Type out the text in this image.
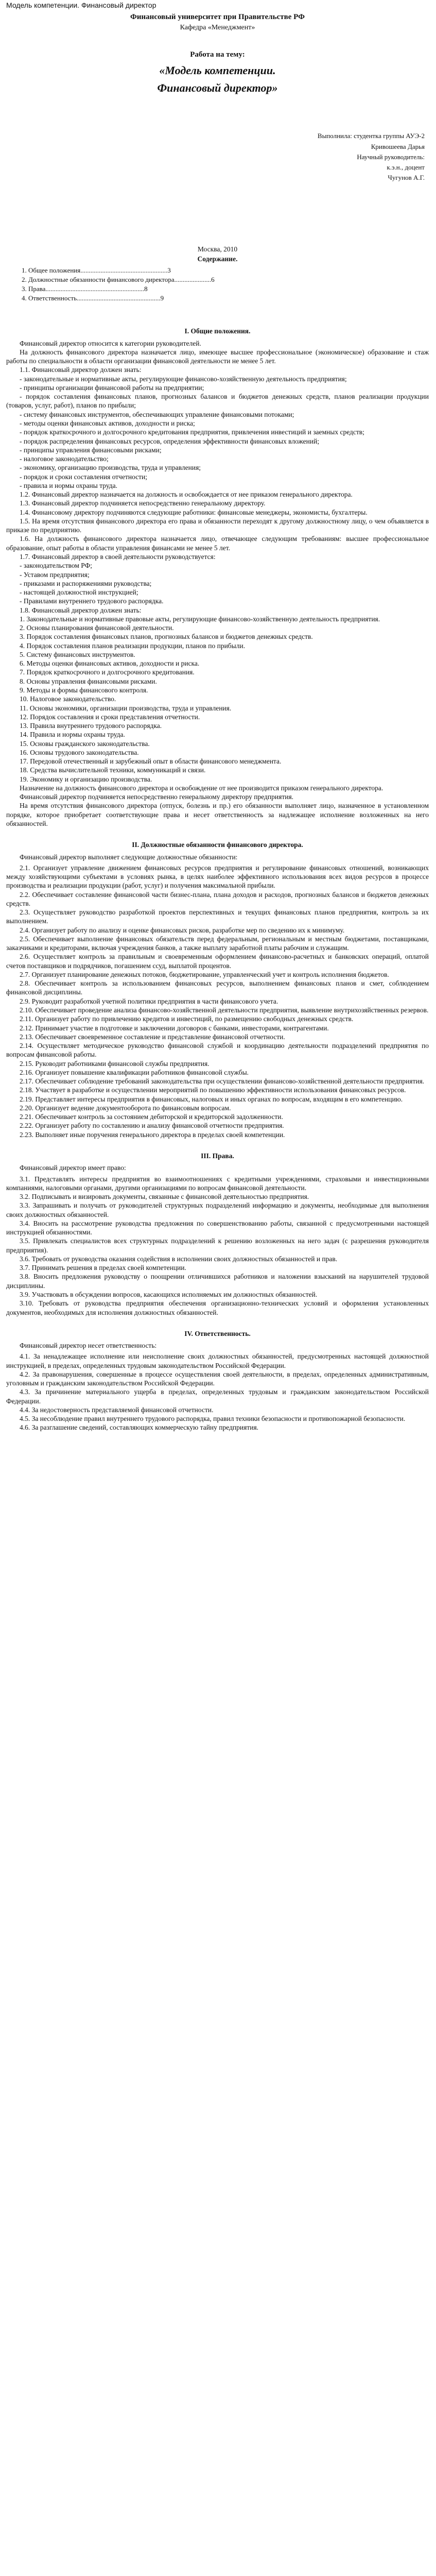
Модель компетенции. Финансовый директор
Финансовый университет при Правительстве РФ
Кафедра «Менеджмент»
Работа на тему:
«Модель компетенции.
Финансовый директор»
Выполнила: студентка группы АУЭ-2
Кривошеева Дарья
Научный руководитель:
к.э.н., доцент
Чугунов А.Г.
Москва, 2010
Содержание.
1. Общее положения....................................................3
2. Должностные обязанности финансового директора......................6
3. Права...........................................................8
4. Ответственность..................................................9
I. Общие положения.

Финансовый директор относится к категории руководителей.

На должность финансового директора назначается лицо, имеющее высшее профессиональное (экономическое) образование и стаж работы по специальности в области организации финансовой деятельности не менее 5 лет.

1.1. Финансовый директор должен знать:

- законодательные и нормативные акты, регулирующие финансово-хозяйственную деятельность предприятия;

- принципы организации финансовой работы на предприятии;

- порядок составления финансовых планов, прогнозных балансов и бюджетов денежных средств, планов реализации продукции (товаров, услуг, работ), планов по прибыли;

- систему финансовых инструментов, обеспечивающих управление финансовыми потоками;

- методы оценки финансовых активов, доходности и риска;

- порядок краткосрочного и долгосрочного кредитования предприятия, привлечения инвестиций и заемных средств;

- порядок распределения финансовых ресурсов, определения эффективности финансовых вложений;

- принципы управления финансовыми рисками;

- налоговое законодательство;

- экономику, организацию производства, труда и управления;

- порядок и сроки составления отчетности;

- правила и нормы охраны труда.

1.2. Финансовый директор назначается на должность и освобождается от нее приказом генерального директора.

1.3. Финансовый директор подчиняется непосредственно генеральному директору.

1.4. Финансовому директору подчиняются следующие работники: финансовые менеджеры, экономисты, бухгалтеры.

1.5. На время отсутствия финансового директора его права и обязанности переходят к другому должностному лицу, о чем объявляется в приказе по предприятию.

1.6. На должность финансового директора назначается лицо, отвечающее следующим требованиям: высшее профессиональное образование, опыт работы в области управления финансами не менее 5 лет.

1.7. Финансовый директор в своей деятельности руководствуется:

- законодательством РФ;

- Уставом предприятия;

- приказами и распоряжениями руководства;

- настоящей должностной инструкцией;

- Правилами внутреннего трудового распорядка.

1.8. Финансовый директор должен знать:

1. Законодательные и нормативные правовые акты, регулирующие финансово-хозяйственную деятельность предприятия.

2. Основы планирования финансовой деятельности.

3. Порядок составления финансовых планов, прогнозных балансов и бюджетов денежных средств.

4. Порядок составления планов реализации продукции, планов по прибыли.

5. Систему финансовых инструментов.

6. Методы оценки финансовых активов, доходности и риска.

7. Порядок краткосрочного и долгосрочного кредитования.

8. Основы управления финансовыми рисками.

9. Методы и формы финансового контроля.

10. Налоговое законодательство.

11. Основы экономики, организации производства, труда и управления.

12. Порядок составления и сроки представления отчетности.

13. Правила внутреннего трудового распорядка.

14. Правила и нормы охраны труда.

15. Основы гражданского законодательства.

16. Основы трудового законодательства.

17. Передовой отечественный и зарубежный опыт в области финансового менеджмента.

18. Средства вычислительной техники, коммуникаций и связи.

19. Экономику и организацию производства.

Назначение на должность финансового директора и освобождение от нее производится приказом генерального директора.

Финансовый директор подчиняется непосредственно генеральному директору предприятия.

На время отсутствия финансового директора (отпуск, болезнь и пр.) его обязанности выполняет лицо, назначенное в установленном порядке, которое приобретает соответствующие права и несет ответственность за надлежащее исполнение возложенных на него обязанностей.

II. Должностные обязанности финансового директора.

Финансовый директор выполняет следующие должностные обязанности:

2.1. Организует управление движением финансовых ресурсов предприятия и регулирование финансовых отношений, возникающих между хозяйствующими субъектами в условиях рынка, в целях наиболее эффективного использования всех видов ресурсов в процессе производства и реализации продукции (работ, услуг) и получения максимальной прибыли.

2.2. Обеспечивает составление финансовой части бизнес-плана, плана доходов и расходов, прогнозных балансов и бюджетов денежных средств.

2.3. Осуществляет руководство разработкой проектов перспективных и текущих финансовых планов предприятия, контроль за их выполнением.

2.4. Организует работу по анализу и оценке финансовых рисков, разработке мер по сведению их к минимуму.

2.5. Обеспечивает выполнение финансовых обязательств перед федеральным, региональным и местным бюджетами, поставщиками, заказчиками и кредиторами, включая учреждения банков, а также выплату заработной платы рабочим и служащим.

2.6. Осуществляет контроль за правильным и своевременным оформлением финансово-расчетных и банковских операций, оплатой счетов поставщиков и подрядчиков, погашением ссуд, выплатой процентов.

2.7. Организует планирование денежных потоков, бюджетирование, управленческий учет и контроль исполнения бюджетов.

2.8. Обеспечивает контроль за использованием финансовых ресурсов, выполнением финансовых планов и смет, соблюдением финансовой дисциплины.

2.9. Руководит разработкой учетной политики предприятия в части финансового учета.

2.10. Обеспечивает проведение анализа финансово-хозяйственной деятельности предприятия, выявление внутрихозяйственных резервов.

2.11. Организует работу по привлечению кредитов и инвестиций, по размещению свободных денежных средств.

2.12. Принимает участие в подготовке и заключении договоров с банками, инвесторами, контрагентами.

2.13. Обеспечивает своевременное составление и представление финансовой отчетности.

2.14. Осуществляет методическое руководство финансовой службой и координацию деятельности подразделений предприятия по вопросам финансовой работы.

2.15. Руководит работниками финансовой службы предприятия.

2.16. Организует повышение квалификации работников финансовой службы.

2.17. Обеспечивает соблюдение требований законодательства при осуществлении финансово-хозяйственной деятельности предприятия.

2.18. Участвует в разработке и осуществлении мероприятий по повышению эффективности использования финансовых ресурсов.

2.19. Представляет интересы предприятия в финансовых, налоговых и иных органах по вопросам, входящим в его компетенцию.

2.20. Организует ведение документооборота по финансовым вопросам.

2.21. Обеспечивает контроль за состоянием дебиторской и кредиторской задолженности.

2.22. Организует работу по составлению и анализу финансовой отчетности предприятия.

2.23. Выполняет иные поручения генерального директора в пределах своей компетенции.

III. Права.

Финансовый директор имеет право:

3.1. Представлять интересы предприятия во взаимоотношениях с кредитными учреждениями, страховыми и инвестиционными компаниями, налоговыми органами, другими организациями по вопросам финансовой деятельности.

3.2. Подписывать и визировать документы, связанные с финансовой деятельностью предприятия.

3.3. Запрашивать и получать от руководителей структурных подразделений информацию и документы, необходимые для выполнения своих должностных обязанностей.

3.4. Вносить на рассмотрение руководства предложения по совершенствованию работы, связанной с предусмотренными настоящей инструкцией обязанностями.

3.5. Привлекать специалистов всех структурных подразделений к решению возложенных на него задач (с разрешения руководителя предприятия).

3.6. Требовать от руководства оказания содействия в исполнении своих должностных обязанностей и прав.

3.7. Принимать решения в пределах своей компетенции.

3.8. Вносить предложения руководству о поощрении отличившихся работников и наложении взысканий на нарушителей трудовой дисциплины.

3.9. Участвовать в обсуждении вопросов, касающихся исполняемых им должностных обязанностей.

3.10. Требовать от руководства предприятия обеспечения организационно-технических условий и оформления установленных документов, необходимых для исполнения должностных обязанностей.

IV. Ответственность.

Финансовый директор несет ответственность:

4.1. За ненадлежащее исполнение или неисполнение своих должностных обязанностей, предусмотренных настоящей должностной инструкцией, в пределах, определенных трудовым законодательством Российской Федерации.

4.2. За правонарушения, совершенные в процессе осуществления своей деятельности, в пределах, определенных административным, уголовным и гражданским законодательством Российской Федерации.

4.3. За причинение материального ущерба в пределах, определенных трудовым и гражданским законодательством Российской Федерации.

4.4. За недостоверность представляемой финансовой отчетности.

4.5. За несоблюдение правил внутреннего трудового распорядка, правил техники безопасности и противопожарной безопасности.

4.6. За разглашение сведений, составляющих коммерческую тайну предприятия.
